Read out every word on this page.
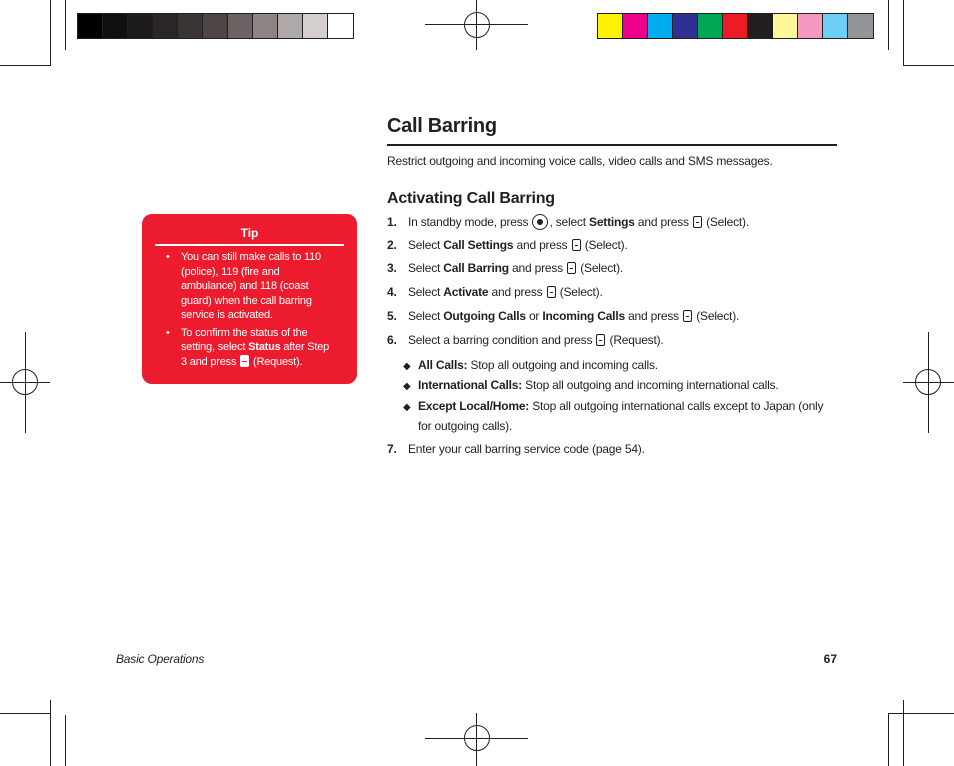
Call Barring
Restrict outgoing and incoming voice calls, video calls and SMS messages.
Activating Call Barring
1. In standby mode, press , select Settings and press  (Select).
2. Select Call Settings and press  (Select).
3. Select Call Barring and press  (Select).
4. Select Activate and press  (Select).
5. Select Outgoing Calls or Incoming Calls and press  (Select).
6. Select a barring condition and press  (Request).
◆ All Calls: Stop all outgoing and incoming calls.
◆ International Calls: Stop all outgoing and incoming international calls.
◆ Except Local/Home: Stop all outgoing international calls except to Japan (only for outgoing calls).
7. Enter your call barring service code (page 54).
Tip
• You can still make calls to 110 (police), 119 (fire and ambulance) and 118 (coast guard) when the call barring service is activated.
• To confirm the status of the setting, select Status after Step 3 and press  (Request).
Basic Operations	67
